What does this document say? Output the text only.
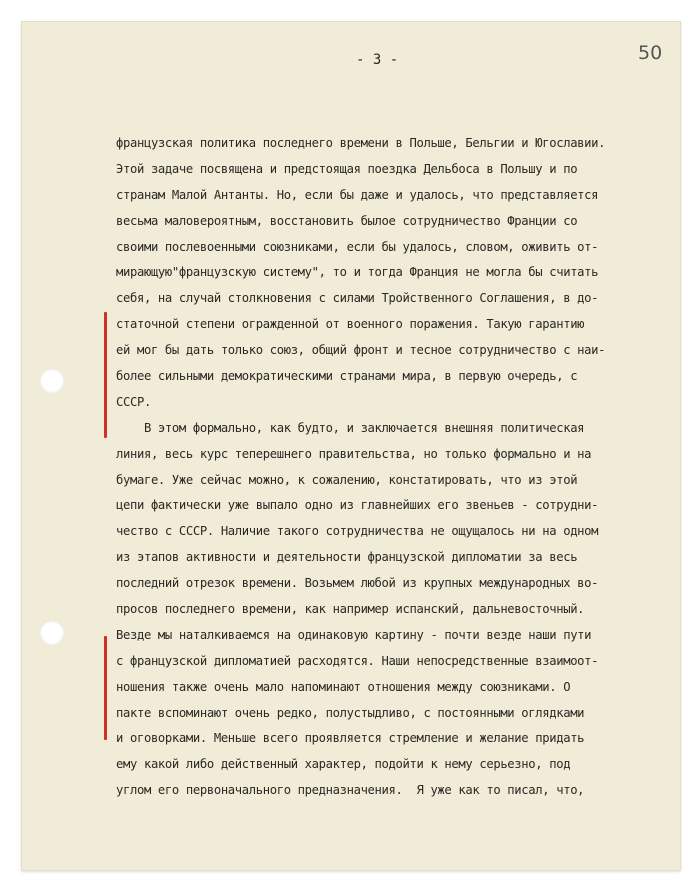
- 3 -	50
французская политика последнего времени в Польше, Бельгии и Югославии.
Этой задаче посвящена и предстоящая поездка Дельбоса в Польшу и по
странам Малой Антанты. Но, если бы даже и удалось, что представляется
весьма маловероятным, восстановить былое сотрудничество Франции со
своими послевоенными союзниками, если бы удалось, словом, оживить от-
мирающую"французскую систему", то и тогда Франция не могла бы считать
себя, на случай столкновения с силами Тройственного Соглашения, в до-
статочной степени огражденной от военного поражения. Такую гарантию
ей мог бы дать только союз, общий фронт и тесное сотрудничество с наи-
более сильными демократическими странами мира, в первую очередь, с
СССР.
В этом формально, как будто, и заключается внешняя политическая
линия, весь курс теперешнего правительства, но только формально и на
бумаге. Уже сейчас можно, к сожалению, констатировать, что из этой
цепи фактически уже выпало одно из главнейших его звеньев - сотрудни-
чество с СССР. Наличие такого сотрудничества не ощущалось ни на одном
из этапов активности и деятельности французской дипломатии за весь
последний отрезок времени. Возьмем любой из крупных международных во-
просов последнего времени, как например испанский, дальневосточный.
Везде мы наталкиваемся на одинаковую картину - почти везде наши пути
с французской дипломатией расходятся. Наши непосредственные взаимоот-
ношения также очень мало напоминают отношения между союзниками. О
пакте вспоминают очень редко, полустыдливо, с постоянными оглядками
и оговорками. Меньше всего проявляется стремление и желание придать
ему какой либо действенный характер, подойти к нему серьезно, под
углом его первоначального предназначения.  Я уже как то писал, что,
